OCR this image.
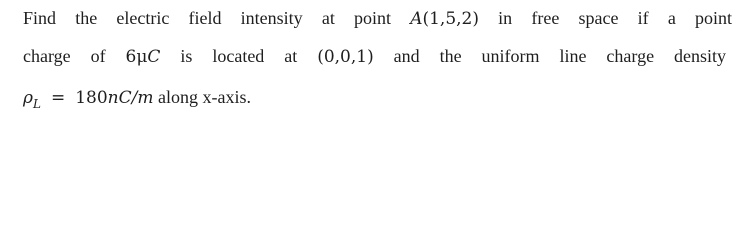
Find the electric field intensity at point A(1,5,2) in free space if a point
charge of 6μC is located at (0,0,1) and the uniform line charge density
$\rho_L = 180nC/m$ along x-axis.
